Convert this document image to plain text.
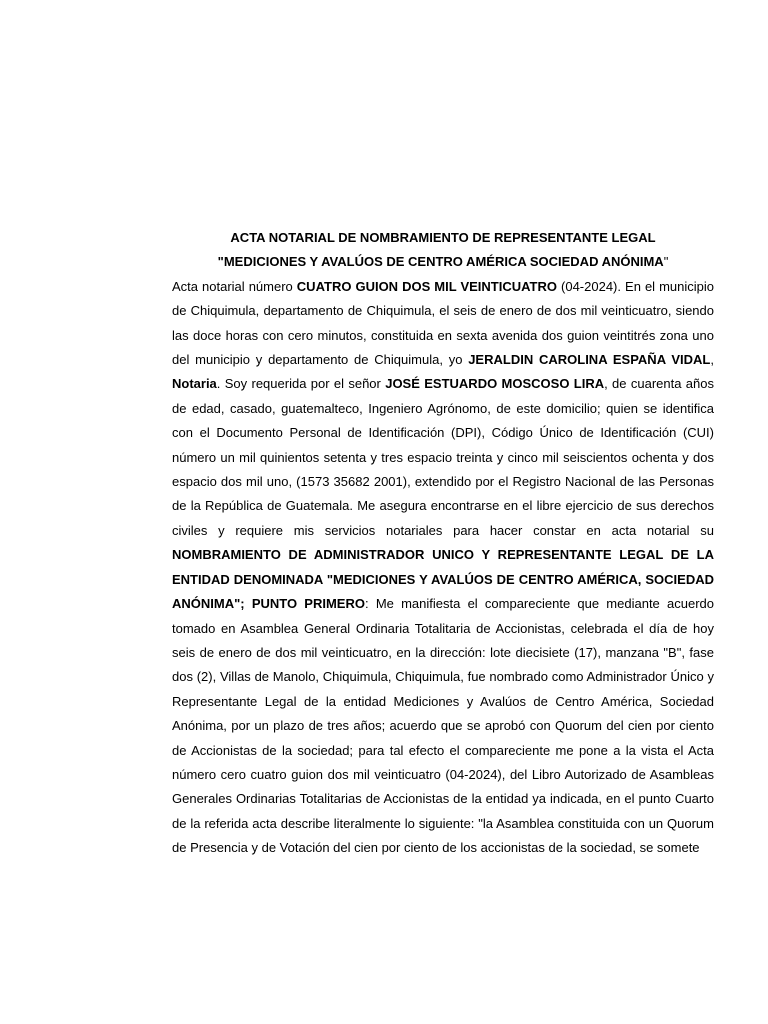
ACTA NOTARIAL DE NOMBRAMIENTO DE REPRESENTANTE LEGAL

"MEDICIONES Y AVALÚOS DE CENTRO AMÉRICA SOCIEDAD ANÓNIMA"

Acta notarial número CUATRO GUION DOS MIL VEINTICUATRO (04-2024). En el municipio de Chiquimula, departamento de Chiquimula, el seis de enero de dos mil veinticuatro, siendo las doce horas con cero minutos, constituida en sexta avenida dos guion veintitrés zona uno del municipio y departamento de Chiquimula, yo JERALDIN CAROLINA ESPAÑA VIDAL, Notaria. Soy requerida por el señor JOSÉ ESTUARDO MOSCOSO LIRA, de cuarenta años de edad, casado, guatemalteco, Ingeniero Agrónomo, de este domicilio; quien se identifica con el Documento Personal de Identificación (DPI), Código Único de Identificación (CUI) número un mil quinientos setenta y tres espacio treinta y cinco mil seiscientos ochenta y dos espacio dos mil uno, (1573 35682 2001), extendido por el Registro Nacional de las Personas de la República de Guatemala. Me asegura encontrarse en el libre ejercicio de sus derechos civiles y requiere mis servicios notariales para hacer constar en acta notarial su NOMBRAMIENTO DE ADMINISTRADOR UNICO Y REPRESENTANTE LEGAL DE LA ENTIDAD DENOMINADA "MEDICIONES Y AVALÚOS DE CENTRO AMÉRICA, SOCIEDAD ANÓNIMA"; PUNTO PRIMERO: Me manifiesta el compareciente que mediante acuerdo tomado en Asamblea General Ordinaria Totalitaria de Accionistas, celebrada el día de hoy seis de enero de dos mil veinticuatro, en la dirección: lote diecisiete (17), manzana "B", fase dos (2), Villas de Manolo, Chiquimula, Chiquimula, fue nombrado como Administrador Único y Representante Legal de la entidad Mediciones y Avalúos de Centro América, Sociedad Anónima, por un plazo de tres años; acuerdo que se aprobó con Quorum del cien por ciento de Accionistas de la sociedad; para tal efecto el compareciente me pone a la vista el Acta número cero cuatro guion dos mil veinticuatro (04-2024), del Libro Autorizado de Asambleas Generales Ordinarias Totalitarias de Accionistas de la entidad ya indicada, en el punto Cuarto de la referida acta describe literalmente lo siguiente: "la Asamblea constituida con un Quorum de Presencia y de Votación del cien por ciento de los accionistas de la sociedad, se somete
